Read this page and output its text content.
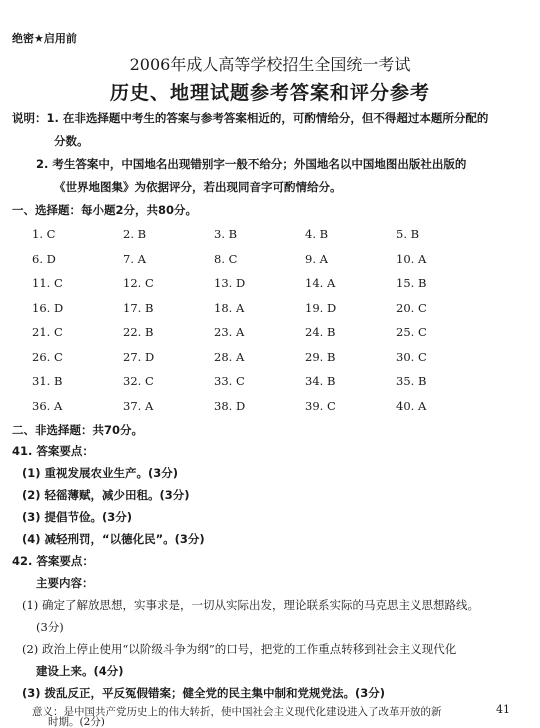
绝密★启用前
2006年成人高等学校招生全国统一考试
历史、地理试题参考答案和评分参考
说明：1. 在非选择题中考生的答案与参考答案相近的，可酌情给分，但不得超过本题所分配的
分数。
2. 考生答案中，中国地名出现错别字一般不给分；外国地名以中国地图出版社出版的
《世界地图集》为依据评分，若出现同音字可酌情给分。
一、选择题：每小题2分，共80分。
1. C	2. B	3. B	4. B	5. B
6. D	7. A	8. C	9. A	10. A
11. C	12. C	13. D	14. A	15. B
16. D	17. B	18. A	19. D	20. C
21. C	22. B	23. A	24. B	25. C
26. C	27. D	28. A	29. B	30. C
31. B	32. C	33. C	34. B	35. B
36. A	37. A	38. D	39. C	40. A
二、非选择题：共70分。
41. 答案要点：
(1) 重视发展农业生产。(3分)
(2) 轻徭薄赋，减少田租。(3分)
(3) 提倡节俭。(3分)
(4) 减轻刑罚，“以德化民”。(3分)
42. 答案要点：
主要内容：
(1) 确定了解放思想，实事求是，一切从实际出发，理论联系实际的马克思主义思想路线。
(3分)
(2) 政治上停止使用“以阶级斗争为纲”的口号，把党的工作重点转移到社会主义现代化
建设上来。(4分)
(3) 拨乱反正，平反冤假错案；健全党的民主集中制和党规党法。(3分)
意义：是中国共产党历史上的伟大转折，使中国社会主义现代化建设进入了改革开放的新
时期。(2分)
41
